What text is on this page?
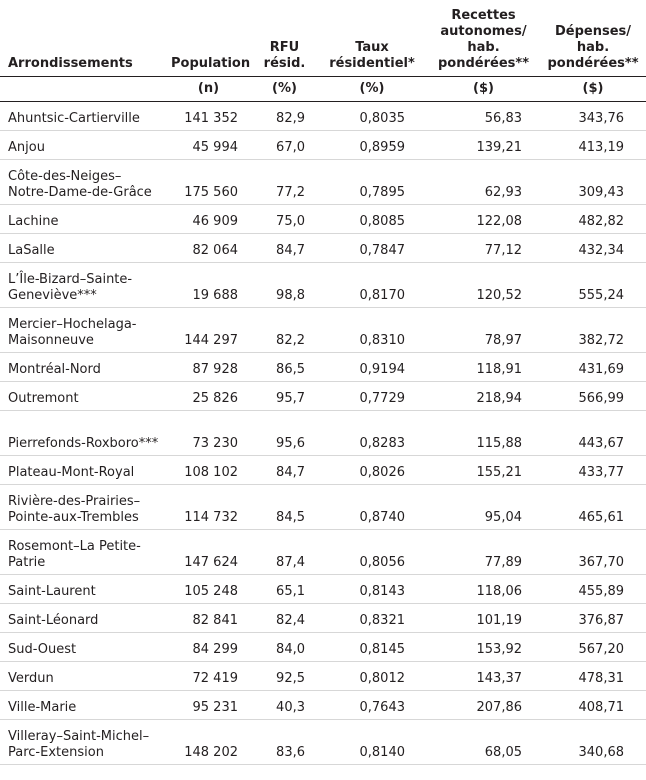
Arrondissements	Population	RFU résid.	Taux résidentiel*	Recettes autonomes/ hab. pondérées**	Dépenses/ hab. pondérées**
	(n)	(%)	(%)	($)	($)
Ahuntsic-Cartierville	141 352	82,9	0,8035	56,83	343,76
Anjou	45 994	67,0	0,8959	139,21	413,19
Côte-des-Neiges–Notre-Dame-de-Grâce	175 560	77,2	0,7895	62,93	309,43
Lachine	46 909	75,0	0,8085	122,08	482,82
LaSalle	82 064	84,7	0,7847	77,12	432,34
L’Île-Bizard–Sainte-Geneviève***	19 688	98,8	0,8170	120,52	555,24
Mercier–Hochelaga-Maisonneuve	144 297	82,2	0,8310	78,97	382,72
Montréal-Nord	87 928	86,5	0,9194	118,91	431,69
Outremont	25 826	95,7	0,7729	218,94	566,99
Pierrefonds-Roxboro***	73 230	95,6	0,8283	115,88	443,67
Plateau-Mont-Royal	108 102	84,7	0,8026	155,21	433,77
Rivière-des-Prairies–Pointe-aux-Trembles	114 732	84,5	0,8740	95,04	465,61
Rosemont–La Petite-Patrie	147 624	87,4	0,8056	77,89	367,70
Saint-Laurent	105 248	65,1	0,8143	118,06	455,89
Saint-Léonard	82 841	82,4	0,8321	101,19	376,87
Sud-Ouest	84 299	84,0	0,8145	153,92	567,20
Verdun	72 419	92,5	0,8012	143,37	478,31
Ville-Marie	95 231	40,3	0,7643	207,86	408,71
Villeray–Saint-Michel–Parc-Extension	148 202	83,6	0,8140	68,05	340,68
